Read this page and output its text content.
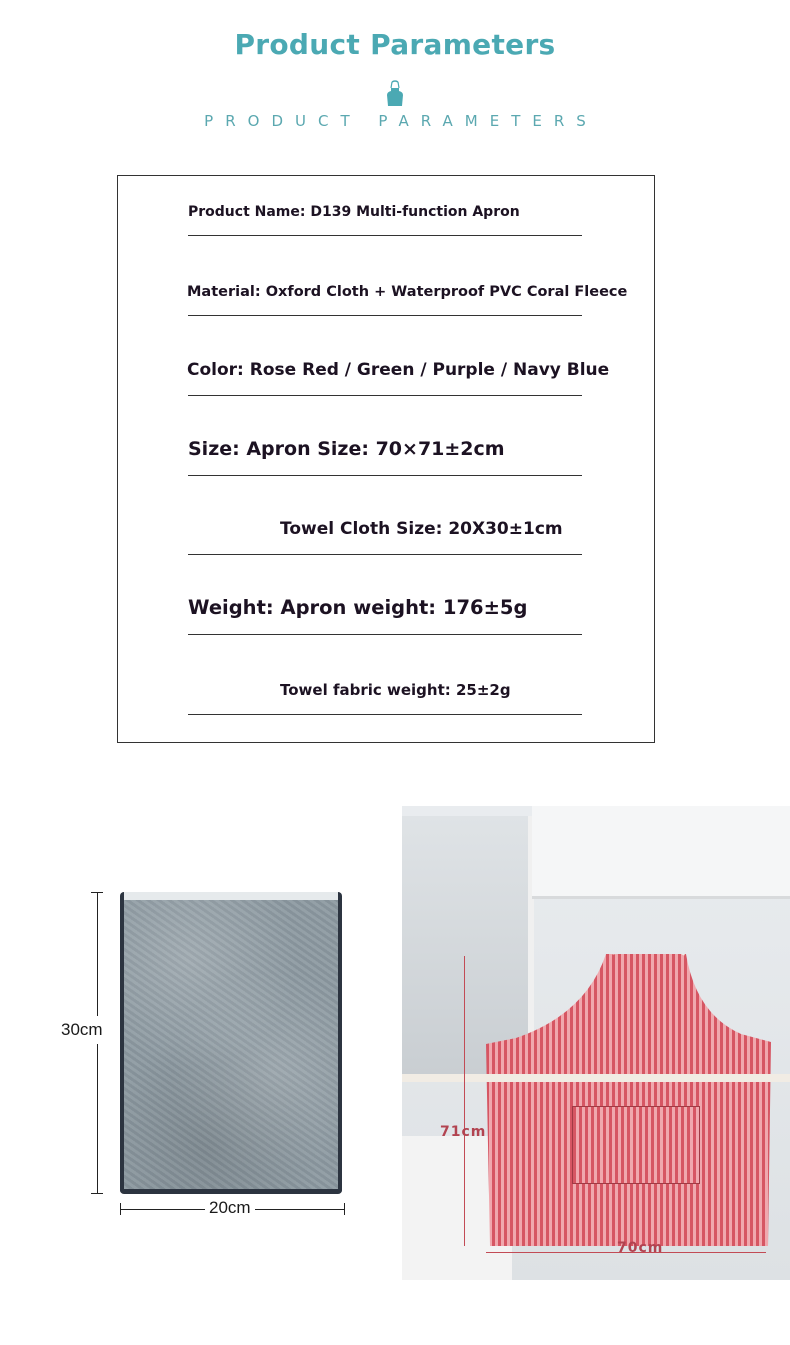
Product Parameters
PRODUCT PARAMETERS
Product Name: D139 Multi-function Apron
Material: Oxford Cloth + Waterproof PVC Coral Fleece
Color: Rose Red / Green / Purple / Navy Blue
Size: Apron Size: 70×71±2cm
Towel Cloth Size: 20X30±1cm
Weight: Apron weight: 176±5g
Towel fabric weight: 25±2g
30cm
20cm
71cm
70cm
